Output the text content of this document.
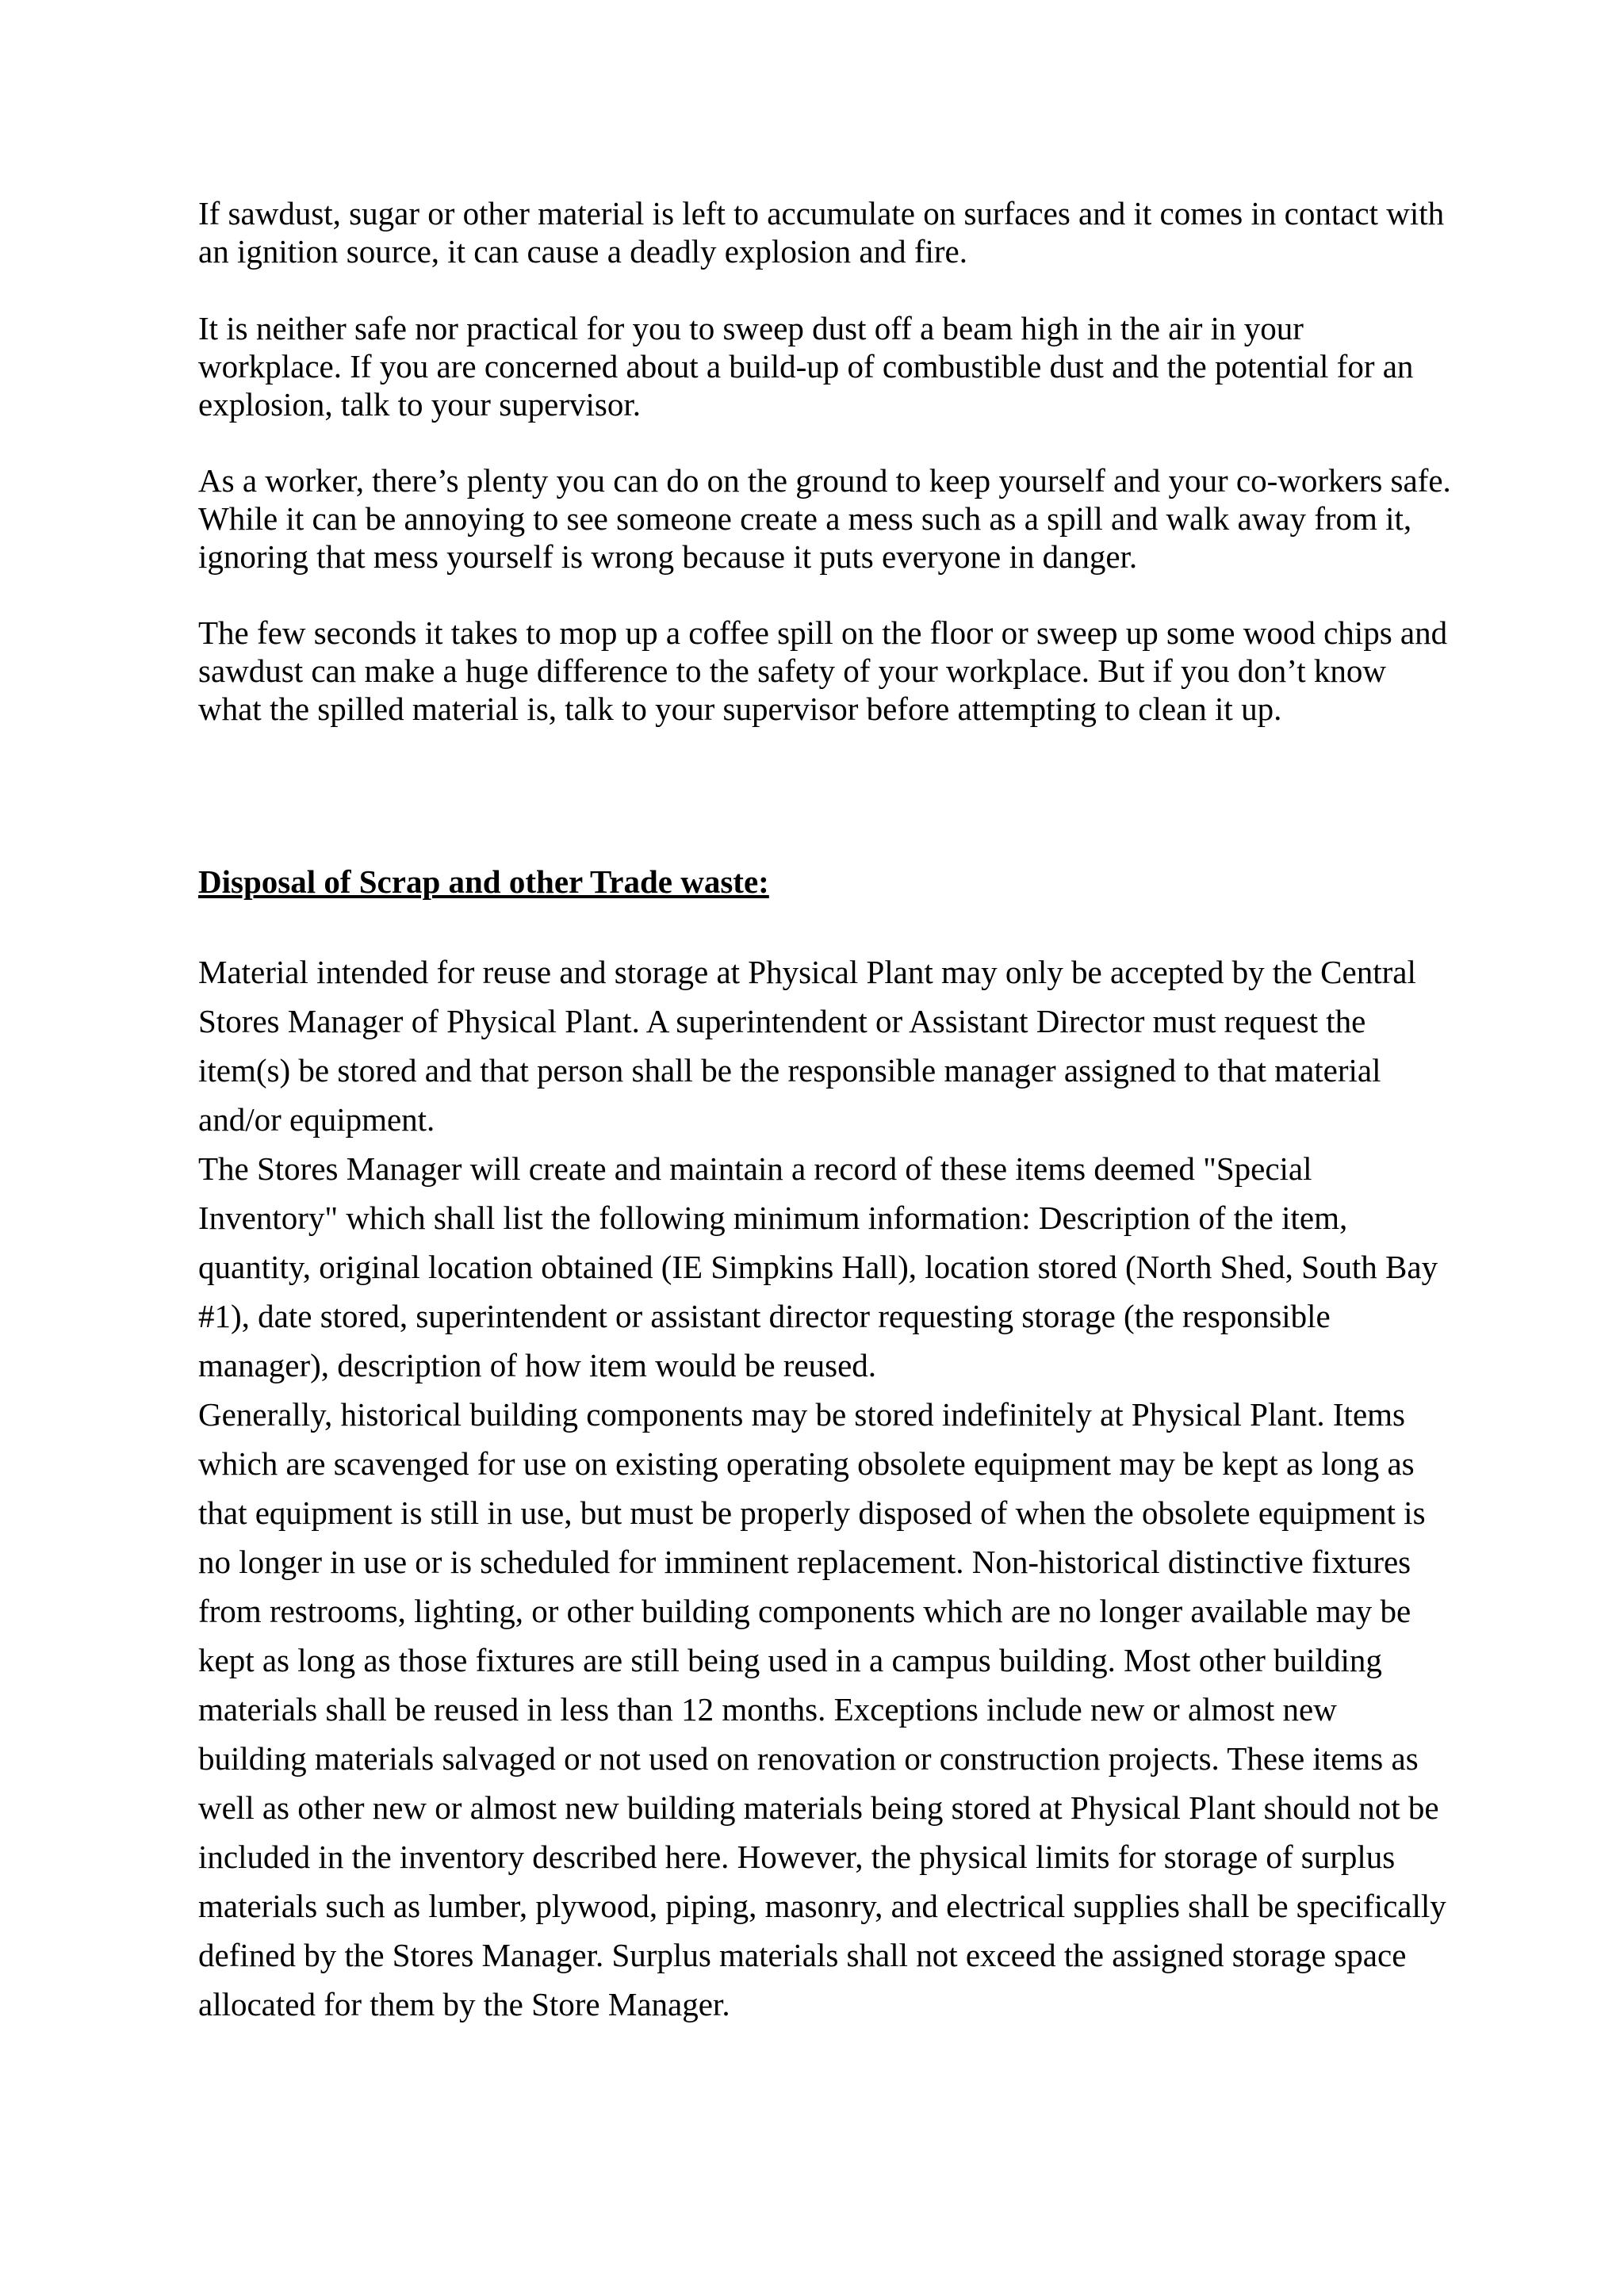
If sawdust, sugar or other material is left to accumulate on surfaces and it comes in contact with an ignition source, it can cause a deadly explosion and fire.

It is neither safe nor practical for you to sweep dust off a beam high in the air in your workplace. If you are concerned about a build-up of combustible dust and the potential for an explosion, talk to your supervisor.

As a worker, there’s plenty you can do on the ground to keep yourself and your co-workers safe. While it can be annoying to see someone create a mess such as a spill and walk away from it, ignoring that mess yourself is wrong because it puts everyone in danger.

The few seconds it takes to mop up a coffee spill on the floor or sweep up some wood chips and sawdust can make a huge difference to the safety of your workplace. But if you don’t know what the spilled material is, talk to your supervisor before attempting to clean it up.

Disposal of Scrap and other Trade waste:

Material intended for reuse and storage at Physical Plant may only be accepted by the Central Stores Manager of Physical Plant. A superintendent or Assistant Director must request the item(s) be stored and that person shall be the responsible manager assigned to that material and/or equipment.

The Stores Manager will create and maintain a record of these items deemed "Special Inventory" which shall list the following minimum information: Description of the item, quantity, original location obtained (IE Simpkins Hall), location stored (North Shed, South Bay #1), date stored, superintendent or assistant director requesting storage (the responsible manager), description of how item would be reused.

Generally, historical building components may be stored indefinitely at Physical Plant. Items which are scavenged for use on existing operating obsolete equipment may be kept as long as that equipment is still in use, but must be properly disposed of when the obsolete equipment is no longer in use or is scheduled for imminent replacement. Non-historical distinctive fixtures from restrooms, lighting, or other building components which are no longer available may be kept as long as those fixtures are still being used in a campus building. Most other building materials shall be reused in less than 12 months. Exceptions include new or almost new building materials salvaged or not used on renovation or construction projects. These items as well as other new or almost new building materials being stored at Physical Plant should not be included in the inventory described here. However, the physical limits for storage of surplus materials such as lumber, plywood, piping, masonry, and electrical supplies shall be specifically defined by the Stores Manager. Surplus materials shall not exceed the assigned storage space allocated for them by the Store Manager.
